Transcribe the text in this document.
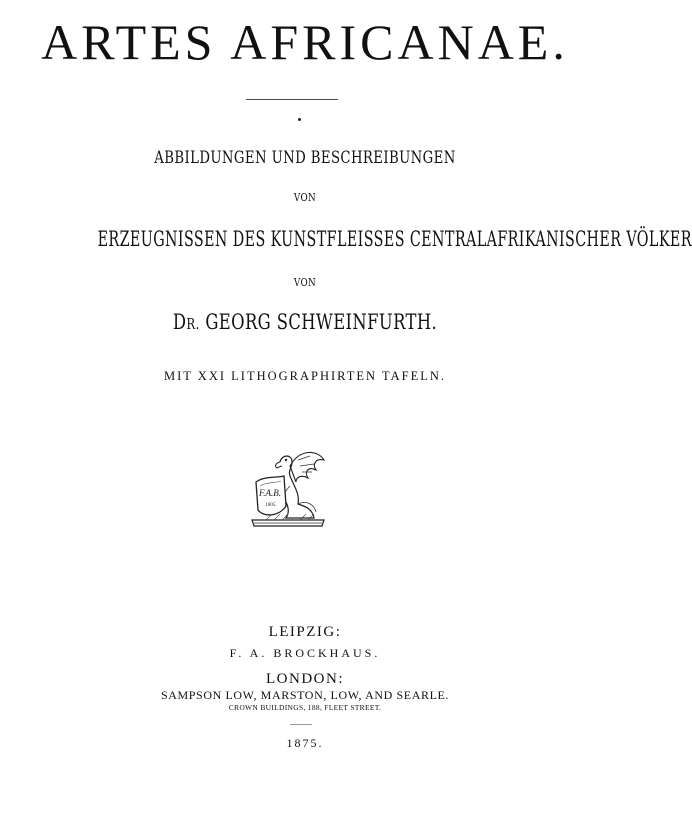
ARTES AFRICANAE.
ABBILDUNGEN UND BESCHREIBUNGEN
VON
ERZEUGNISSEN DES KUNSTFLEISSES CENTRALAFRIKANISCHER VÖLKER
VON
DR. GEORG SCHWEINFURTH.
MIT XXI LITHOGRAPHIRTEN TAFELN.
F.A.B.
1805.
LEIPZIG:
F. A. BROCKHAUS.
LONDON:
SAMPSON LOW, MARSTON, LOW, AND SEARLE.
CROWN BUILDINGS, 188, FLEET STREET.
1875.
